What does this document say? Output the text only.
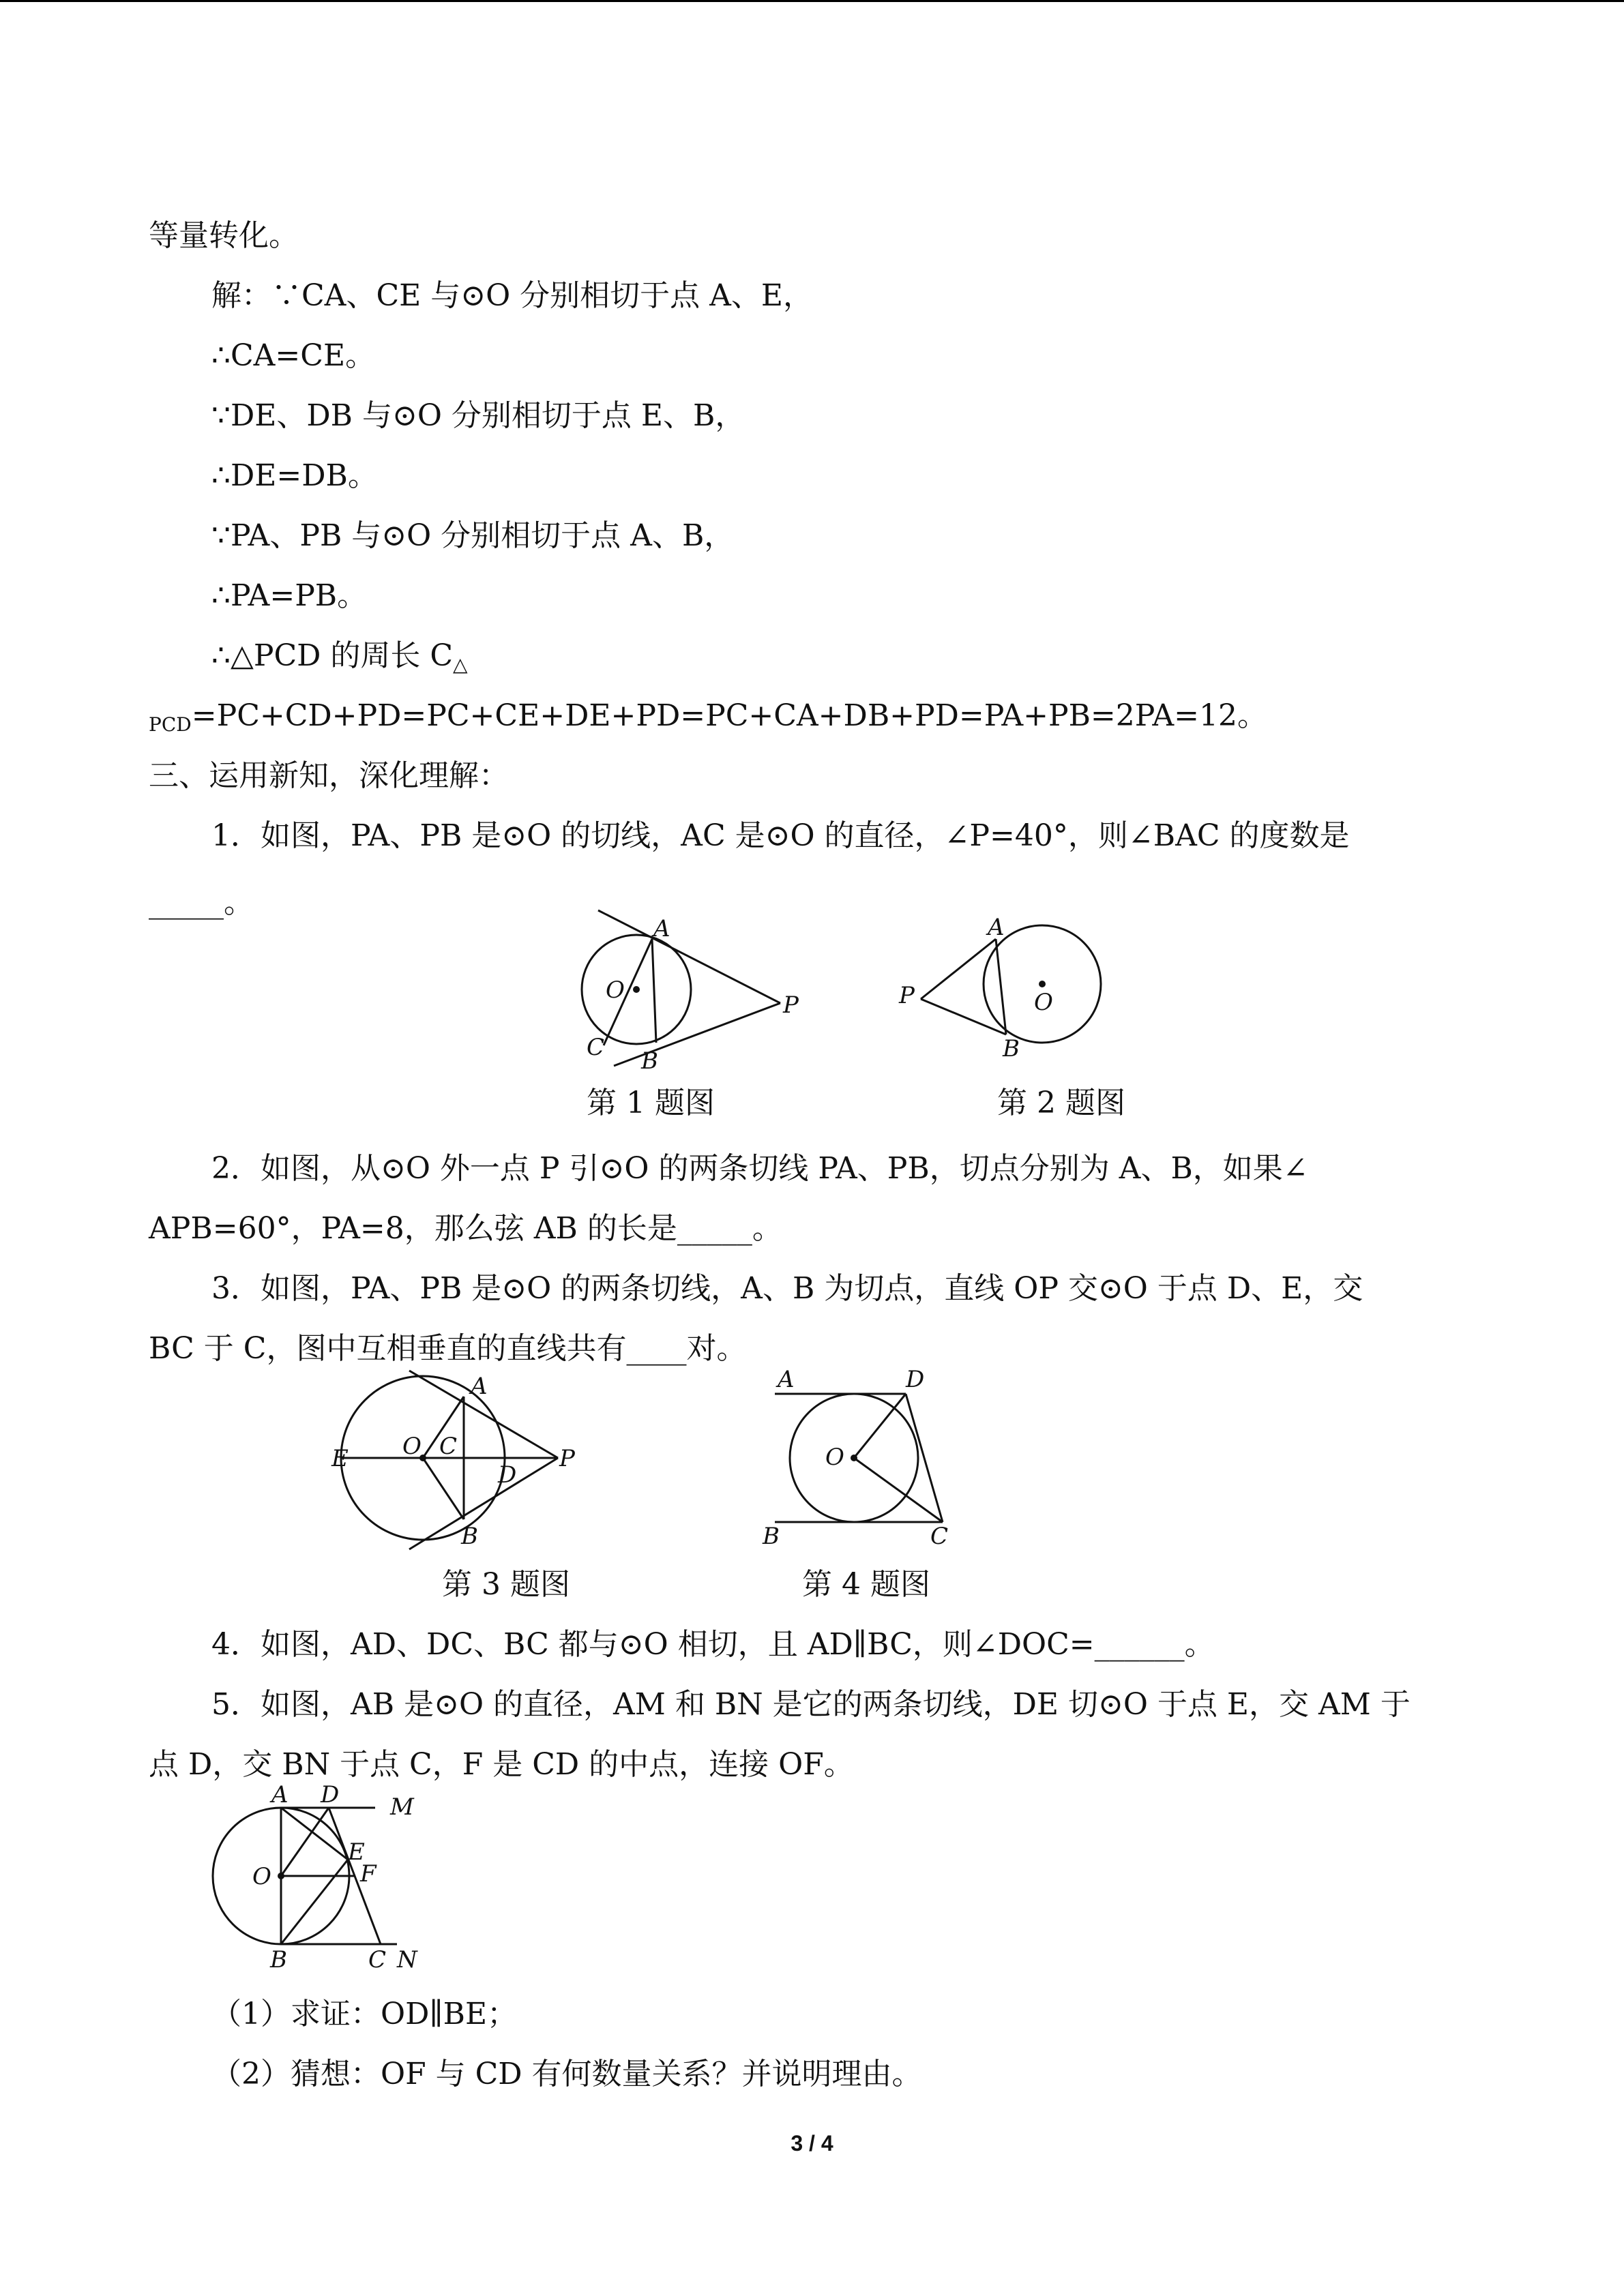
等量转化。
解：∵CA、CE 与⊙O 分别相切于点 A、E，
∴CA=CE。
∵DE、DB 与⊙O 分别相切于点 E、B，
∴DE=DB。
∵PA、PB 与⊙O 分别相切于点 A、B，
∴PA=PB。
∴△PCD 的周长 $C_\triangle$
$_{PCD}$=PC+CD+PD=PC+CE+DE+PD=PC+CA+DB+PD=PA+PB=2PA=12。
三、运用新知，深化理解：
1．如图，PA、PB 是⊙O 的切线，AC 是⊙O 的直径，∠P=40°，则∠BAC 的度数是
_____。
A
O
P
C B
第 1 题图
A
P	O
B
第 2 题图
2．如图，从⊙O 外一点 P 引⊙O 的两条切线 PA、PB，切点分别为 A、B，如果∠
APB=60°，PA=8，那么弦 AB 的长是_____。
3．如图，PA、PB 是⊙O 的两条切线，A、B 为切点，直线 OP 交⊙O 于点 D、E，交
BC 于 C，图中互相垂直的直线共有____对。
A
E O C
D
P
B
第 3 题图
A	D
O
B	C
第 4 题图
4．如图，AD、DC、BC 都与⊙O 相切，且 AD∥BC，则∠DOC=______。
5．如图，AB 是⊙O 的直径，AM 和 BN 是它的两条切线，DE 切⊙O 于点 E，交 AM 于
点 D，交 BN 于点 C，F 是 CD 的中点，连接 OF。
A D M
O
E
F
B	C N
（1）求证：OD∥BE；
（2）猜想：OF 与 CD 有何数量关系？并说明理由。
3 / 4
